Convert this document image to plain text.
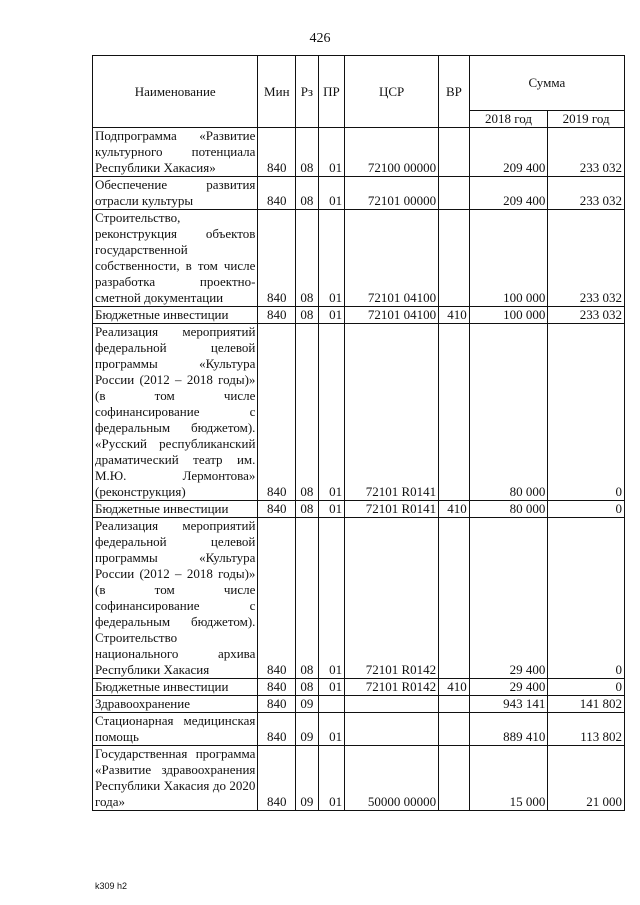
426
Наименование	Мин	Рз	ПР	ЦСР	ВР	Сумма	
						2018 год	2019 год
Подпрограмма «Развитие культурного потенциала Республики Хакасия»	840	08	01	72100 00000		209 400	233 032
Обеспечение развития отрасли культуры	840	08	01	72101 00000		209 400	233 032
Строительство, реконструкция объектов государственной собственности, в том числе разработка проектно-сметной документации	840	08	01	72101 04100		100 000	233 032
Бюджетные инвестиции	840	08	01	72101 04100	410	100 000	233 032
Реализация мероприятий федеральной целевой программы «Культура России (2012 – 2018 годы)» (в том числе софинансирование с федеральным бюджетом). «Русский республиканский драматический театр им. М.Ю. Лермонтова» (реконструкция)	840	08	01	72101 R0141		80 000	0
Бюджетные инвестиции	840	08	01	72101 R0141	410	80 000	0
Реализация мероприятий федеральной целевой программы «Культура России (2012 – 2018 годы)» (в том числе софинансирование с федеральным бюджетом). Строительство национального архива Республики Хакасия	840	08	01	72101 R0142		29 400	0
Бюджетные инвестиции	840	08	01	72101 R0142	410	29 400	0
Здравоохранение	840	09				943 141	141 802
Стационарная медицинская помощь	840	09	01			889 410	113 802
Государственная программа «Развитие здравоохранения Республики Хакасия до 2020 года»	840	09	01	50000 00000		15 000	21 000
k309 h2
